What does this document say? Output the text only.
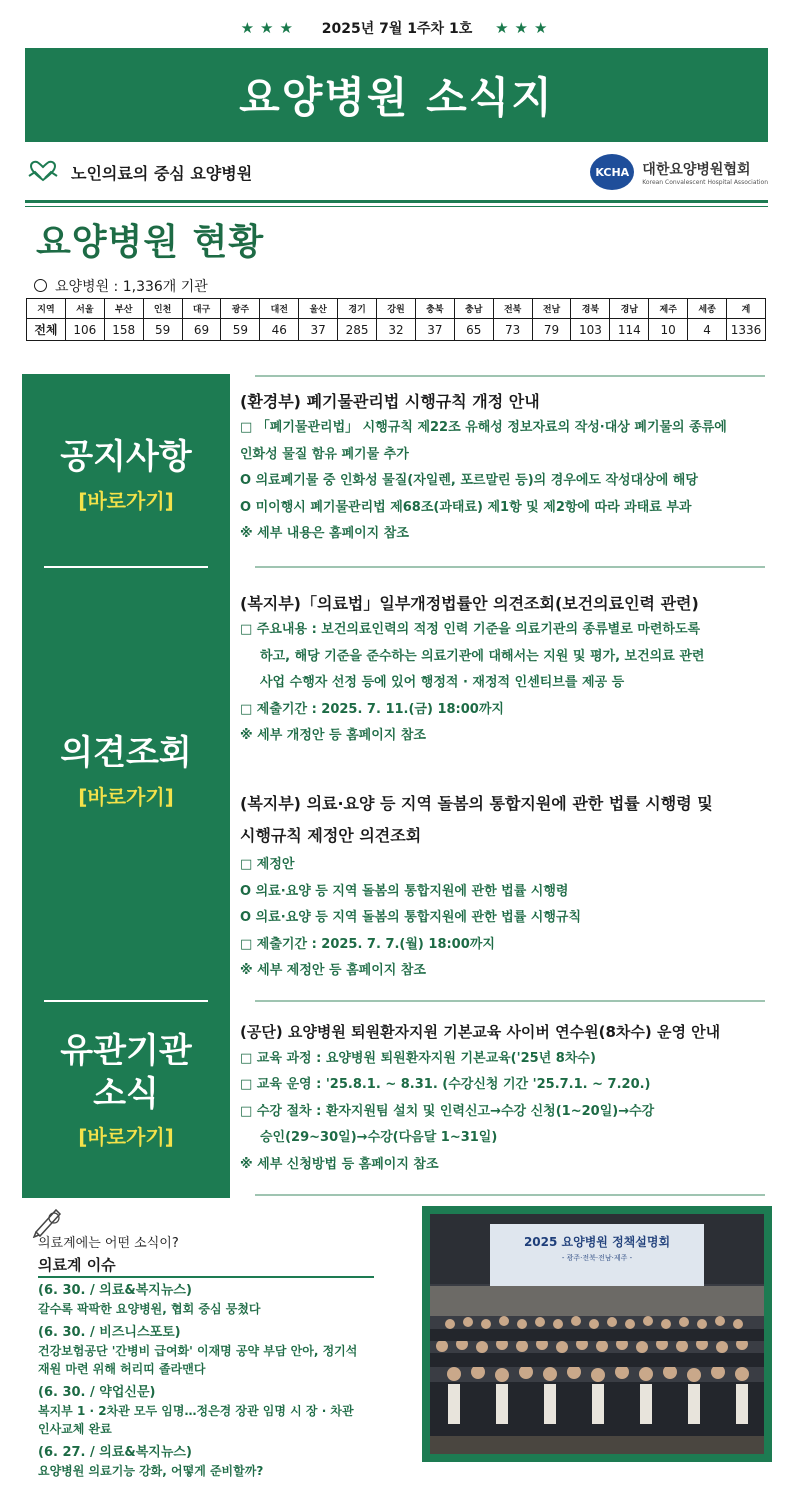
★★★ 2025년 7월 1주차 1호 ★★★
요양병원 소식지
노인의료의 중심 요양병원	KCHA 대한요양병원협회
Korean Convalescent Hospital Association
요양병원 현황
요양병원 : 1,336개 기관
지역	서울	부산	인천	대구	광주	대전	울산	경기	강원	충북	충남	전북	전남	경북	경남	제주	세종	계
전체	106	158	59	69	59	46	37	285	32	37	65	73	79	103	114	10	4	1336
공지사항
[바로가기]
의견조회
[바로가기]
유관기관
소식
[바로가기]
(환경부) 폐기물관리법 시행규칙 개정 안내
□ 「폐기물관리법」 시행규칙 제22조 유해성 정보자료의 작성·대상 폐기물의 종류에
인화성 물질 함유 폐기물 추가
O 의료폐기물 중 인화성 물질(자일렌, 포르말린 등)의 경우에도 작성대상에 해당
O 미이행시 폐기물관리법 제68조(과태료) 제1항 및 제2항에 따라 과태료 부과
※ 세부 내용은 홈페이지 참조
(복지부)「의료법」일부개정법률안 의견조회(보건의료인력 관련)
□ 주요내용 : 보건의료인력의 적정 인력 기준을 의료기관의 종류별로 마련하도록
하고, 해당 기준을 준수하는 의료기관에 대해서는 지원 및 평가, 보건의료 관련
사업 수행자 선정 등에 있어 행정적 · 재정적 인센티브를 제공 등
□ 제출기간 : 2025. 7. 11.(금) 18:00까지
※ 세부 개정안 등 홈페이지 참조
(복지부) 의료·요양 등 지역 돌봄의 통합지원에 관한 법률 시행령 및
시행규칙 제정안 의견조회
□ 제정안
O 의료·요양 등 지역 돌봄의 통합지원에 관한 법률 시행령
O 의료·요양 등 지역 돌봄의 통합지원에 관한 법률 시행규칙
□ 제출기간 : 2025. 7. 7.(월) 18:00까지
※ 세부 제정안 등 홈페이지 참조
(공단) 요양병원 퇴원환자지원 기본교육 사이버 연수원(8차수) 운영 안내
□ 교육 과정 : 요양병원 퇴원환자지원 기본교육('25년 8차수)
□ 교육 운영 : '25.8.1. ~ 8.31. (수강신청 기간 '25.7.1. ~ 7.20.)
□ 수강 절차 : 환자지원팀 설치 및 인력신고→수강 신청(1~20일)→수강
승인(29~30일)→수강(다음달 1~31일)
※ 세부 신청방법 등 홈페이지 참조
의료계에는 어떤 소식이?
의료계 이슈
(6. 30. / 의료&복지뉴스)
갈수록 팍팍한 요양병원, 협회 중심 뭉쳤다
(6. 30. / 비즈니스포토)
건강보험공단 '간병비 급여화' 이재명 공약 부담 안아, 정기석
재원 마련 위해 허리띠 졸라맨다
(6. 30. / 약업신문)
복지부 1 · 2차관 모두 임명…정은경 장관 임명 시 장 · 차관
인사교체 완료
(6. 27. / 의료&복지뉴스)
요양병원 의료기능 강화, 어떻게 준비할까?
2025 요양병원 정책설명회
- 광주·전북·전남·제주 -
